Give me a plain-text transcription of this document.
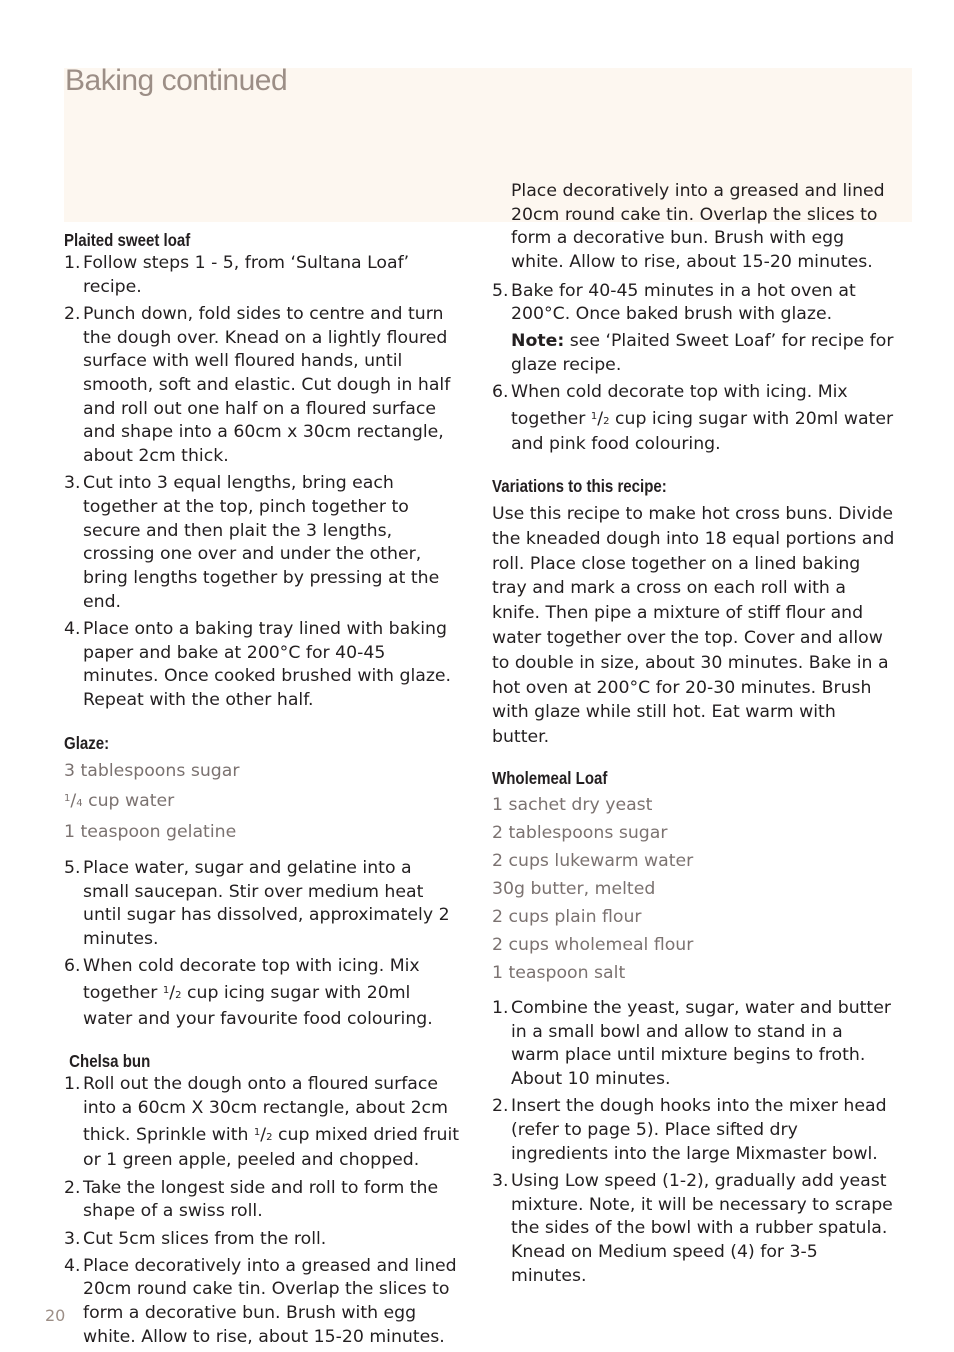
Baking continued
Plaited sweet loaf
1. Follow steps 1 - 5, from ‘Sultana Loaf’ recipe.
2. Punch down, fold sides to centre and turn the dough over. Knead on a lightly floured surface with well floured hands, until smooth, soft and elastic. Cut dough in half and roll out one half on a floured surface and shape into a 60cm x 30cm rectangle, about 2cm thick.
3. Cut into 3 equal lengths, bring each together at the top, pinch together to secure and then plait the 3 lengths, crossing one over and under the other, bring lengths together by pressing at the end.
4. Place onto a baking tray lined with baking paper and bake at 200°C for 40-45 minutes. Once cooked brushed with glaze. Repeat with the other half.
Glaze:
3 tablespoons sugar
$^1$/4 cup water
1 teaspoon gelatine
5. Place water, sugar and gelatine into a small saucepan. Stir over medium heat until sugar has dissolved, approximately 2 minutes.
6. When cold decorate top with icing. Mix together $^1$/2 cup icing sugar with 20ml water and your favourite food colouring.
Chelsa bun
1. Roll out the dough onto a floured surface into a 60cm X 30cm rectangle, about 2cm thick. Sprinkle with $^1$/2 cup mixed dried fruit or 1 green apple, peeled and chopped.
2. Take the longest side and roll to form the shape of a swiss roll.
3. Cut 5cm slices from the roll.
4. Place decoratively into a greased and lined 20cm round cake tin. Overlap the slices to form a decorative bun. Brush with egg white. Allow to rise, about 15-20 minutes.
Place decoratively into a greased and lined 20cm round cake tin. Overlap the slices to form a decorative bun. Brush with egg white. Allow to rise, about 15-20 minutes.
5. Bake for 40-45 minutes in a hot oven at 200°C. Once baked brush with glaze.
Note: see ‘Plaited Sweet Loaf’ for recipe for glaze recipe.
6. When cold decorate top with icing. Mix together $^1$/2 cup icing sugar with 20ml water and pink food colouring.
Variations to this recipe:

Use this recipe to make hot cross buns. Divide the kneaded dough into 18 equal portions and roll. Place close together on a lined baking tray and mark a cross on each roll with a knife. Then pipe a mixture of stiff flour and water together over the top. Cover and allow to double in size, about 30 minutes. Bake in a hot oven at 200°C for 20-30 minutes. Brush with glaze while still hot. Eat warm with butter.

Wholemeal Loaf
1 sachet dry yeast
2 tablespoons sugar
2 cups lukewarm water
30g butter, melted
2 cups plain flour
2 cups wholemeal flour
1 teaspoon salt
1. Combine the yeast, sugar, water and butter in a small bowl and allow to stand in a warm place until mixture begins to froth. About 10 minutes.
2. Insert the dough hooks into the mixer head (refer to page 5). Place sifted dry ingredients into the large Mixmaster bowl.
3. Using Low speed (1-2), gradually add yeast mixture. Note, it will be necessary to scrape the sides of the bowl with a rubber spatula. Knead on Medium speed (4) for 3-5 minutes.
20
